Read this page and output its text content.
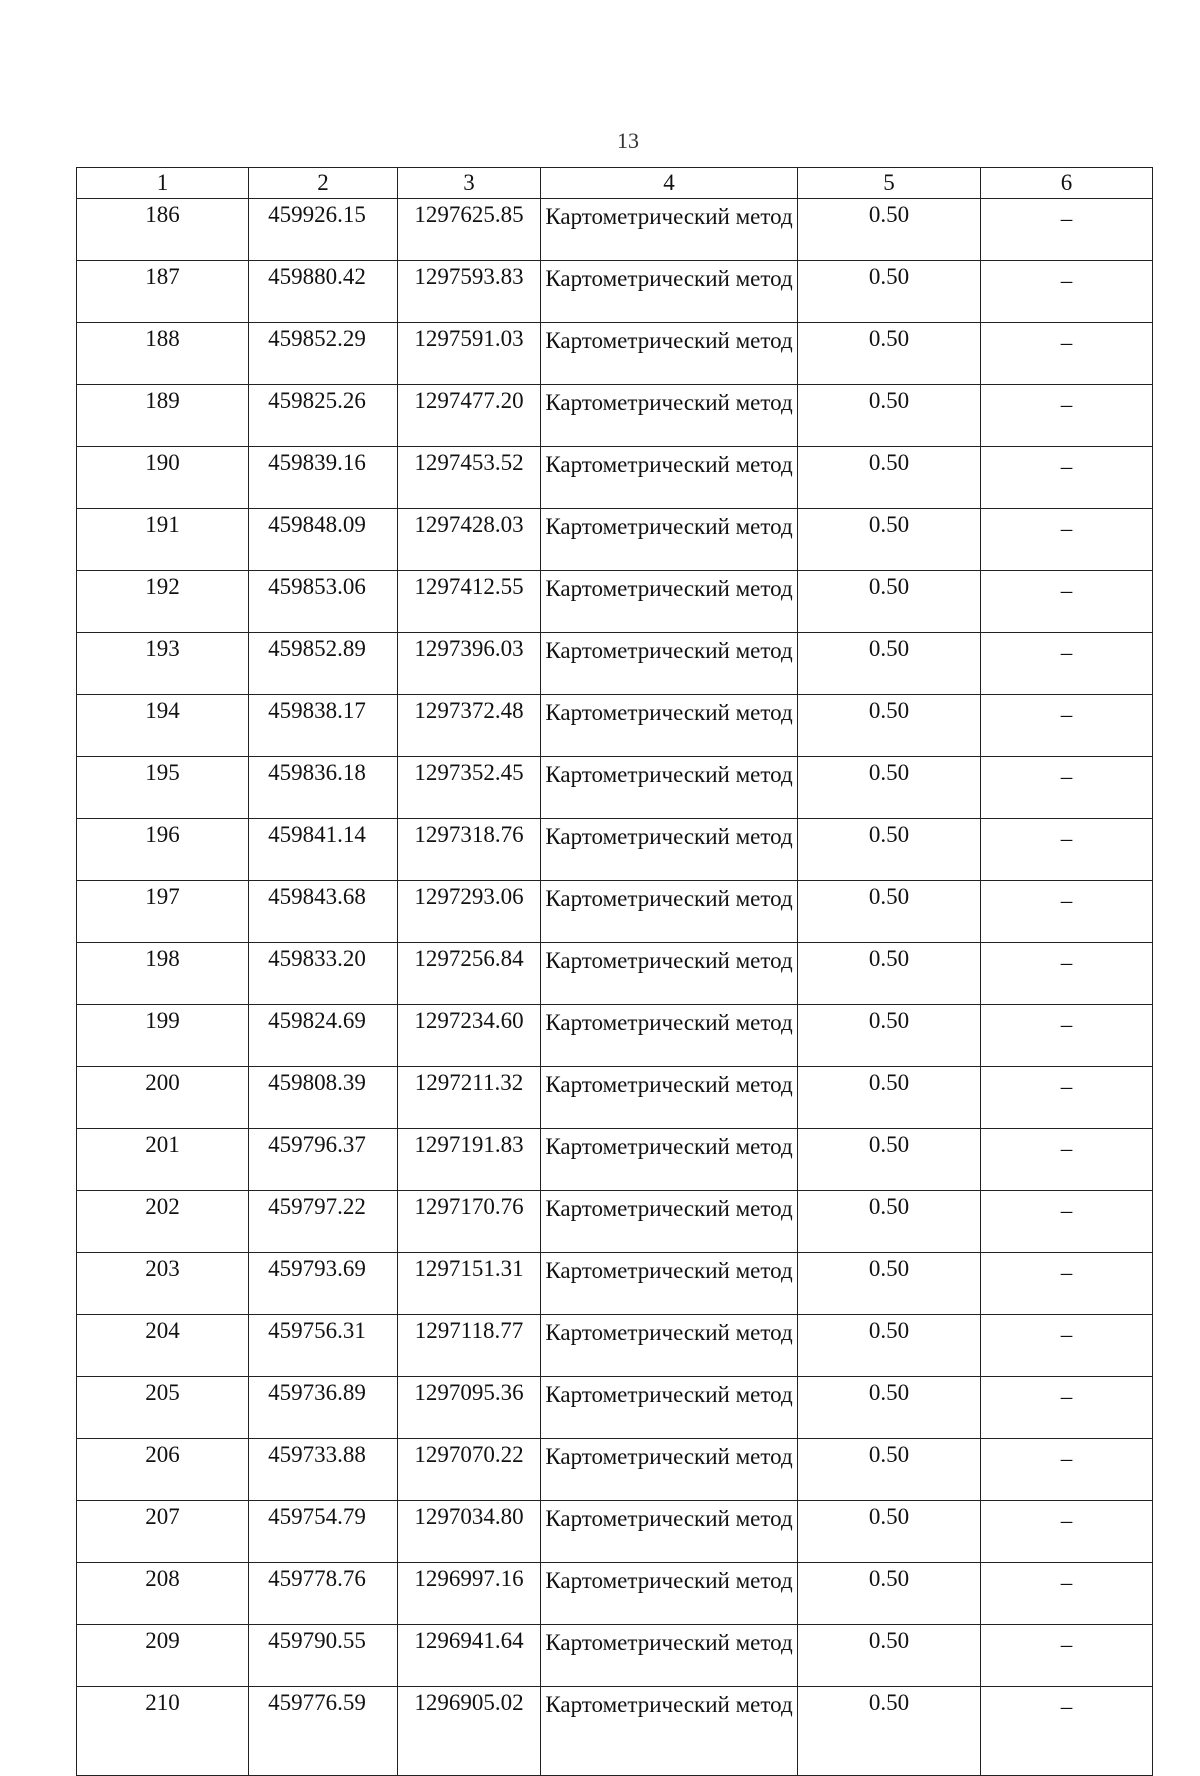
13
1	2	3	4	5	6
186	459926.15	1297625.85	Картометрический метод	0.50	–
187	459880.42	1297593.83	Картометрический метод	0.50	–
188	459852.29	1297591.03	Картометрический метод	0.50	–
189	459825.26	1297477.20	Картометрический метод	0.50	–
190	459839.16	1297453.52	Картометрический метод	0.50	–
191	459848.09	1297428.03	Картометрический метод	0.50	–
192	459853.06	1297412.55	Картометрический метод	0.50	–
193	459852.89	1297396.03	Картометрический метод	0.50	–
194	459838.17	1297372.48	Картометрический метод	0.50	–
195	459836.18	1297352.45	Картометрический метод	0.50	–
196	459841.14	1297318.76	Картометрический метод	0.50	–
197	459843.68	1297293.06	Картометрический метод	0.50	–
198	459833.20	1297256.84	Картометрический метод	0.50	–
199	459824.69	1297234.60	Картометрический метод	0.50	–
200	459808.39	1297211.32	Картометрический метод	0.50	–
201	459796.37	1297191.83	Картометрический метод	0.50	–
202	459797.22	1297170.76	Картометрический метод	0.50	–
203	459793.69	1297151.31	Картометрический метод	0.50	–
204	459756.31	1297118.77	Картометрический метод	0.50	–
205	459736.89	1297095.36	Картометрический метод	0.50	–
206	459733.88	1297070.22	Картометрический метод	0.50	–
207	459754.79	1297034.80	Картометрический метод	0.50	–
208	459778.76	1296997.16	Картометрический метод	0.50	–
209	459790.55	1296941.64	Картометрический метод	0.50	–
210	459776.59	1296905.02	Картометрический метод	0.50	–
